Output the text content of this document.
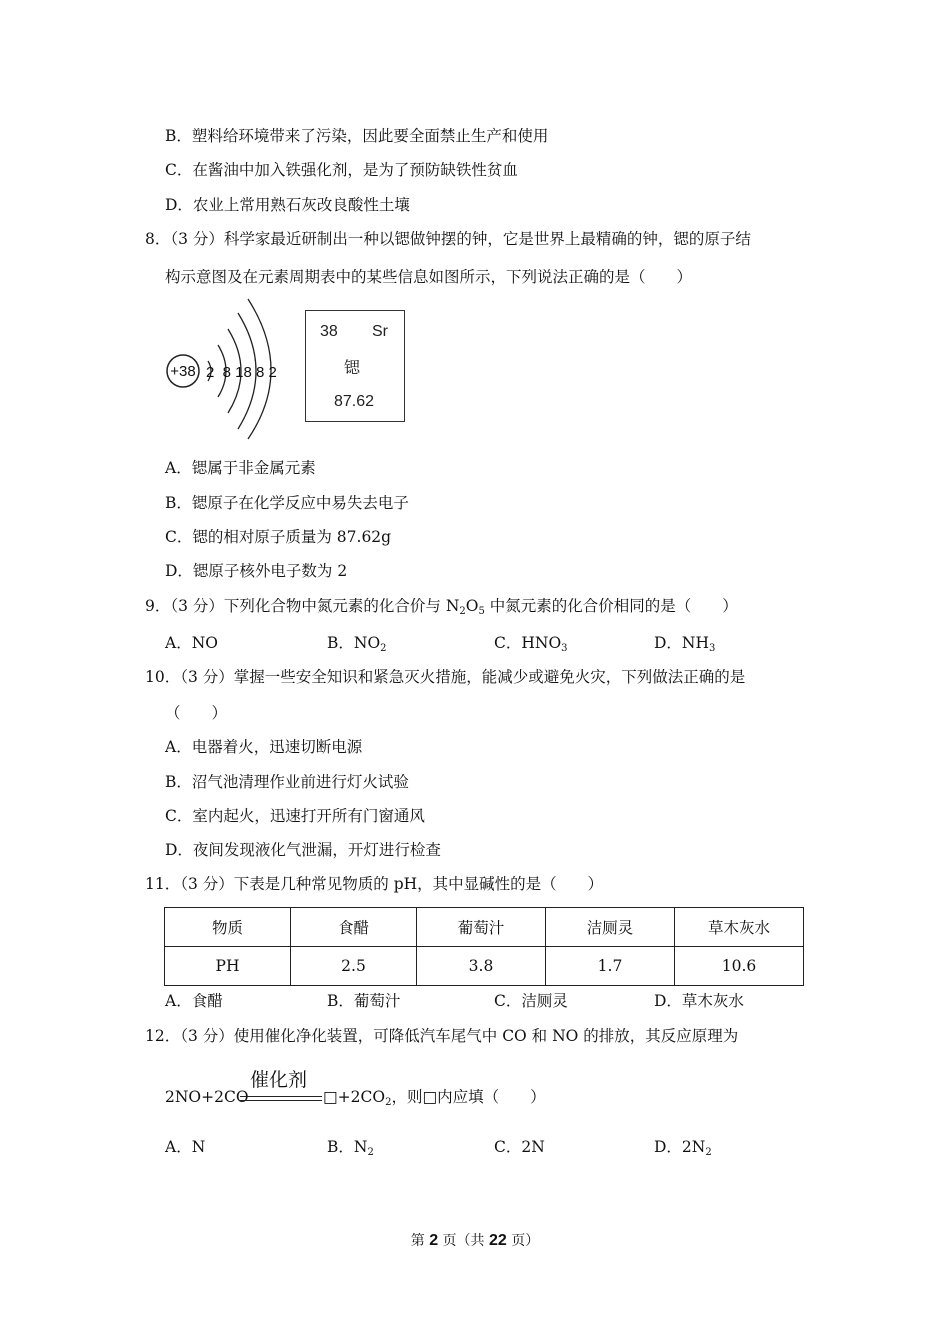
B．塑料给环境带来了污染，因此要全面禁止生产和使用
C．在酱油中加入铁强化剂，是为了预防缺铁性贫血
D．农业上常用熟石灰改良酸性土壤
8．（3 分）科学家最近研制出一种以锶做钟摆的钟，它是世界上最精确的钟，锶的原子结
构示意图及在元素周期表中的某些信息如图所示，下列说法正确的是（　　）
+38 2  8 18 8 2
38 Sr
锶
87.62
A．锶属于非金属元素
B．锶原子在化学反应中易失去电子
C．锶的相对原子质量为 87.62g
D．锶原子核外电子数为 2
9．（3 分）下列化合物中氮元素的化合价与 $N_2O_5$ 中氮元素的化合价相同的是（　　）
A．NO	B．$NO_2$	C．$HNO_3$	D．$NH_3$
10．（3 分）掌握一些安全知识和紧急灭火措施，能减少或避免火灾，下列做法正确的是
（　　）
A．电器着火，迅速切断电源
B．沼气池清理作业前进行灯火试验
C．室内起火，迅速打开所有门窗通风
D．夜间发现液化气泄漏，开灯进行检查
11．（3 分）下表是几种常见物质的 pH，其中显碱性的是（　　）
物质	食醋	葡萄汁	洁厕灵	草木灰水
PH	2.5	3.8	1.7	10.6
A．食醋	B．葡萄汁	C．洁厕灵	D．草木灰水
12．（3 分）使用催化净化装置，可降低汽车尾气中 CO 和 NO 的排放，其反应原理为
2NO+2CO
催化剂
$□+2CO_2$，则□内应填（　　）
A．N	B．$N_2$	C．2N	D．$2N_2$
第 2 页（共 22 页）
